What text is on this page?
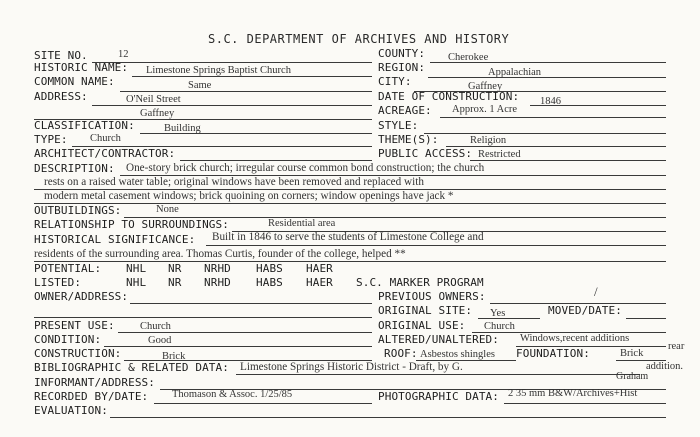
S.C. DEPARTMENT OF ARCHIVES AND HISTORY
SITE NO.	12	COUNTY: Cherokee
HISTORIC NAME: Limestone Springs Baptist Church	REGION:	Appalachian
COMMON NAME:	Same	CITY:	Gaffney
ADDRESS:	O'Neil Street
Gaffney
DATE OF CONSTRUCTION: 1846
ACREAGE: Approx. 1 Acre
CLASSIFICATION:	Building	STYLE:
TYPE: Church	THEME(S):	Religion
ARCHITECT/CONTRACTOR:	PUBLIC ACCESS: Restricted
DESCRIPTION: One-story brick church; irregular course common bond construction; the church
rests on a raised water table; original windows have been removed and replaced with
modern metal casement windows; brick quoining on corners; window openings have jack *
OUTBUILDINGS:	None
RELATIONSHIP TO SURROUNDINGS:	Residential area
HISTORICAL SIGNIFICANCE: Built in 1846 to serve the students of Limestone College and
residents of the surrounding area. Thomas Curtis, founder of the college, helped **
POTENTIAL: NHL NR NRHD HABS HAER
LISTED:	NHL NR NRHD HABS HAER S.C. MARKER PROGRAM
OWNER/ADDRESS:	PREVIOUS OWNERS:	/
ORIGINAL SITE: Yes	MOVED/DATE:
PRESENT USE: Church	ORIGINAL USE: Church
CONDITION:	Good	ALTERED/UNALTERED: Windows,recent additions
CONSTRUCTION:	Brick	ROOF: Asbestos shingles FOUNDATION:	Brick
rear
addition.
BIBLIOGRAPHIC & RELATED DATA: Limestone Springs Historic District - Draft, by G.
Graham
INFORMANT/ADDRESS:
RECORDED BY/DATE: Thomason & Assoc. 1/25/85	PHOTOGRAPHIC DATA: 2 35 mm B&W/Archives+Hist
EVALUATION:
